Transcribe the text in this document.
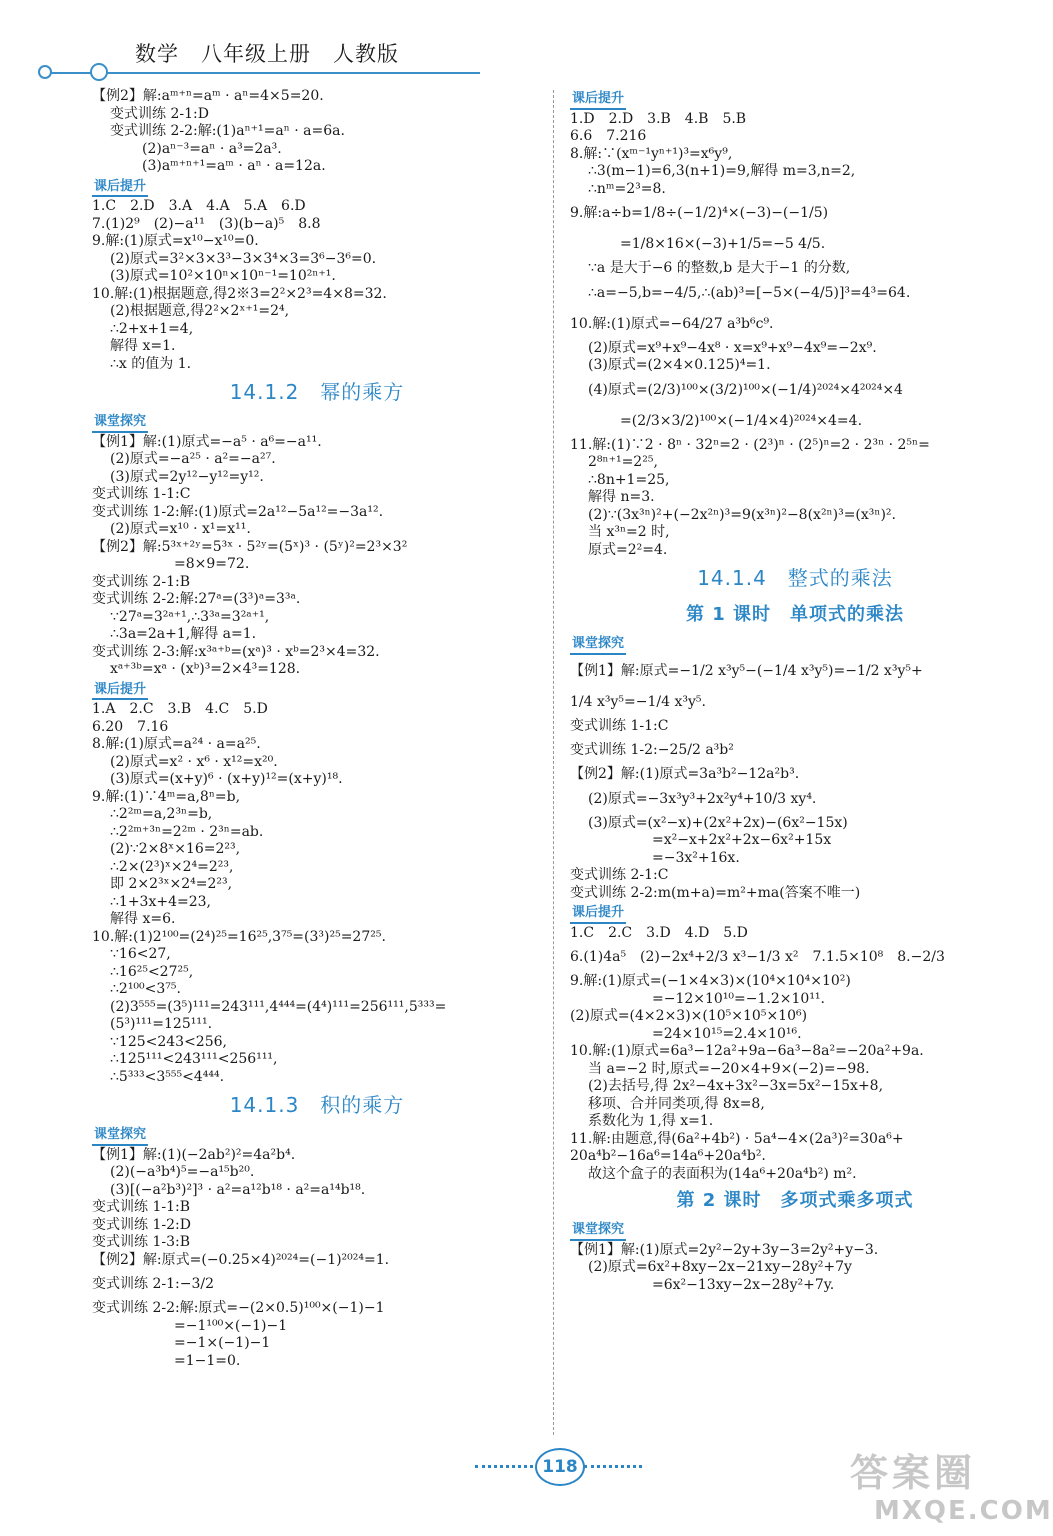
数学　八年级上册　人教版
【例2】解:aᵐ⁺ⁿ=aᵐ · aⁿ=4×5=20.
变式训练 2-1:D
变式训练 2-2:解:(1)aⁿ⁺¹=aⁿ · a=6a.
(2)aⁿ⁻³=aⁿ · a³=2a³.
(3)aᵐ⁺ⁿ⁺¹=aᵐ · aⁿ · a=12a.
课后提升
1.C　2.D　3.A　4.A　5.A　6.D
7.(1)2⁹　(2)−a¹¹　(3)(b−a)⁵　8.8
9.解:(1)原式=x¹⁰−x¹⁰=0.
(2)原式=3²×3×3³−3×3⁴×3=3⁶−3⁶=0.
(3)原式=10²×10ⁿ×10ⁿ⁻¹=10²ⁿ⁺¹.
10.解:(1)根据题意,得2※3=2²×2³=4×8=32.
(2)根据题意,得2²×2ˣ⁺¹=2⁴,
∴2+x+1=4,
解得 x=1.
∴x 的值为 1.
14.1.2　幂的乘方
课堂探究
【例1】解:(1)原式=−a⁵ · a⁶=−a¹¹.
(2)原式=−a²⁵ · a²=−a²⁷.
(3)原式=2y¹²−y¹²=y¹².
变式训练 1-1:C
变式训练 1-2:解:(1)原式=2a¹²−5a¹²=−3a¹².
(2)原式=x¹⁰ · x¹=x¹¹.
【例2】解:5³ˣ⁺²ʸ=5³ˣ · 5²ʸ=(5ˣ)³ · (5ʸ)²=2³×3²
=8×9=72.
变式训练 2-1:B
变式训练 2-2:解:27ᵃ=(3³)ᵃ=3³ᵃ.
∵27ᵃ=3²ᵃ⁺¹,∴3³ᵃ=3²ᵃ⁺¹,
∴3a=2a+1,解得 a=1.
变式训练 2-3:解:x³ᵃ⁺ᵇ=(xᵃ)³ · xᵇ=2³×4=32.
xᵃ⁺³ᵇ=xᵃ · (xᵇ)³=2×4³=128.
课后提升
1.A　2.C　3.B　4.C　5.D
6.20　7.16
8.解:(1)原式=a²⁴ · a=a²⁵.
(2)原式=x² · x⁶ · x¹²=x²⁰.
(3)原式=(x+y)⁶ · (x+y)¹²=(x+y)¹⁸.
9.解:(1)∵4ᵐ=a,8ⁿ=b,
∴2²ᵐ=a,2³ⁿ=b,
∴2²ᵐ⁺³ⁿ=2²ᵐ · 2³ⁿ=ab.
(2)∵2×8ˣ×16=2²³,
∴2×(2³)ˣ×2⁴=2²³,
即 2×2³ˣ×2⁴=2²³,
∴1+3x+4=23,
解得 x=6.
10.解:(1)2¹⁰⁰=(2⁴)²⁵=16²⁵,3⁷⁵=(3³)²⁵=27²⁵.
∵16<27,
∴16²⁵<27²⁵,
∴2¹⁰⁰<3⁷⁵.
(2)3⁵⁵⁵=(3⁵)¹¹¹=243¹¹¹,4⁴⁴⁴=(4⁴)¹¹¹=256¹¹¹,5³³³=
(5³)¹¹¹=125¹¹¹.
∵125<243<256,
∴125¹¹¹<243¹¹¹<256¹¹¹,
∴5³³³<3⁵⁵⁵<4⁴⁴⁴.
14.1.3　积的乘方
课堂探究
【例1】解:(1)(−2ab²)²=4a²b⁴.
(2)(−a³b⁴)⁵=−a¹⁵b²⁰.
(3)[(−a²b³)²]³ · a²=a¹²b¹⁸ · a²=a¹⁴b¹⁸.
变式训练 1-1:B
变式训练 1-2:D
变式训练 1-3:B
【例2】解:原式=(−0.25×4)²⁰²⁴=(−1)²⁰²⁴=1.
变式训练 2-1:−3/2
变式训练 2-2:解:原式=−(2×0.5)¹⁰⁰×(−1)−1
=−1¹⁰⁰×(−1)−1
=−1×(−1)−1
=1−1=0.
课后提升
1.D　2.D　3.B　4.B　5.B
6.6　7.216
8.解:∵(xᵐ⁻¹yⁿ⁺¹)³=x⁶y⁹,
∴3(m−1)=6,3(n+1)=9,解得 m=3,n=2,
∴nᵐ=2³=8.
9.解:a÷b=1/8÷(−1/2)⁴×(−3)−(−1/5)
=1/8×16×(−3)+1/5=−5 4/5.
∵a 是大于−6 的整数,b 是大于−1 的分数,
∴a=−5,b=−4/5,∴(ab)³=[−5×(−4/5)]³=4³=64.
10.解:(1)原式=−64/27 a³b⁶c⁹.
(2)原式=x⁹+x⁹−4x⁸ · x=x⁹+x⁹−4x⁹=−2x⁹.
(3)原式=(2×4×0.125)⁴=1.
(4)原式=(2/3)¹⁰⁰×(3/2)¹⁰⁰×(−1/4)²⁰²⁴×4²⁰²⁴×4
=(2/3×3/2)¹⁰⁰×(−1/4×4)²⁰²⁴×4=4.
11.解:(1)∵2 · 8ⁿ · 32ⁿ=2 · (2³)ⁿ · (2⁵)ⁿ=2 · 2³ⁿ · 2⁵ⁿ=
2⁸ⁿ⁺¹=2²⁵,
∴8n+1=25,
解得 n=3.
(2)∵(3x³ⁿ)²+(−2x²ⁿ)³=9(x³ⁿ)²−8(x²ⁿ)³=(x³ⁿ)².
当 x³ⁿ=2 时,
原式=2²=4.
14.1.4　整式的乘法
第 1 课时　单项式的乘法
课堂探究
【例1】解:原式=−1/2 x³y⁵−(−1/4 x³y⁵)=−1/2 x³y⁵+
1/4 x³y⁵=−1/4 x³y⁵.
变式训练 1-1:C
变式训练 1-2:−25/2 a³b²
【例2】解:(1)原式=3a³b²−12a²b³.
(2)原式=−3x³y³+2x²y⁴+10/3 xy⁴.
(3)原式=(x²−x)+(2x²+2x)−(6x²−15x)
=x²−x+2x²+2x−6x²+15x
=−3x²+16x.
变式训练 2-1:C
变式训练 2-2:m(m+a)=m²+ma(答案不唯一)
课后提升
1.C　2.C　3.D　4.D　5.D
6.(1)4a⁵　(2)−2x⁴+2/3 x³−1/3 x²　7.1.5×10⁸　8.−2/3
9.解:(1)原式=(−1×4×3)×(10⁴×10⁴×10²)
=−12×10¹⁰=−1.2×10¹¹.
(2)原式=(4×2×3)×(10⁵×10⁵×10⁶)
=24×10¹⁵=2.4×10¹⁶.
10.解:(1)原式=6a³−12a²+9a−6a³−8a²=−20a²+9a.
当 a=−2 时,原式=−20×4+9×(−2)=−98.
(2)去括号,得 2x²−4x+3x²−3x=5x²−15x+8,
移项、合并同类项,得 8x=8,
系数化为 1,得 x=1.
11.解:由题意,得(6a²+4b²) · 5a⁴−4×(2a³)²=30a⁶+
20a⁴b²−16a⁶=14a⁶+20a⁴b².
故这个盒子的表面积为(14a⁶+20a⁴b²) m².
第 2 课时　多项式乘多项式
课堂探究
【例1】解:(1)原式=2y²−2y+3y−3=2y²+y−3.
(2)原式=6x²+8xy−2x−21xy−28y²+7y
=6x²−13xy−2x−28y²+7y.
118	答案圈
MXQE.COM
